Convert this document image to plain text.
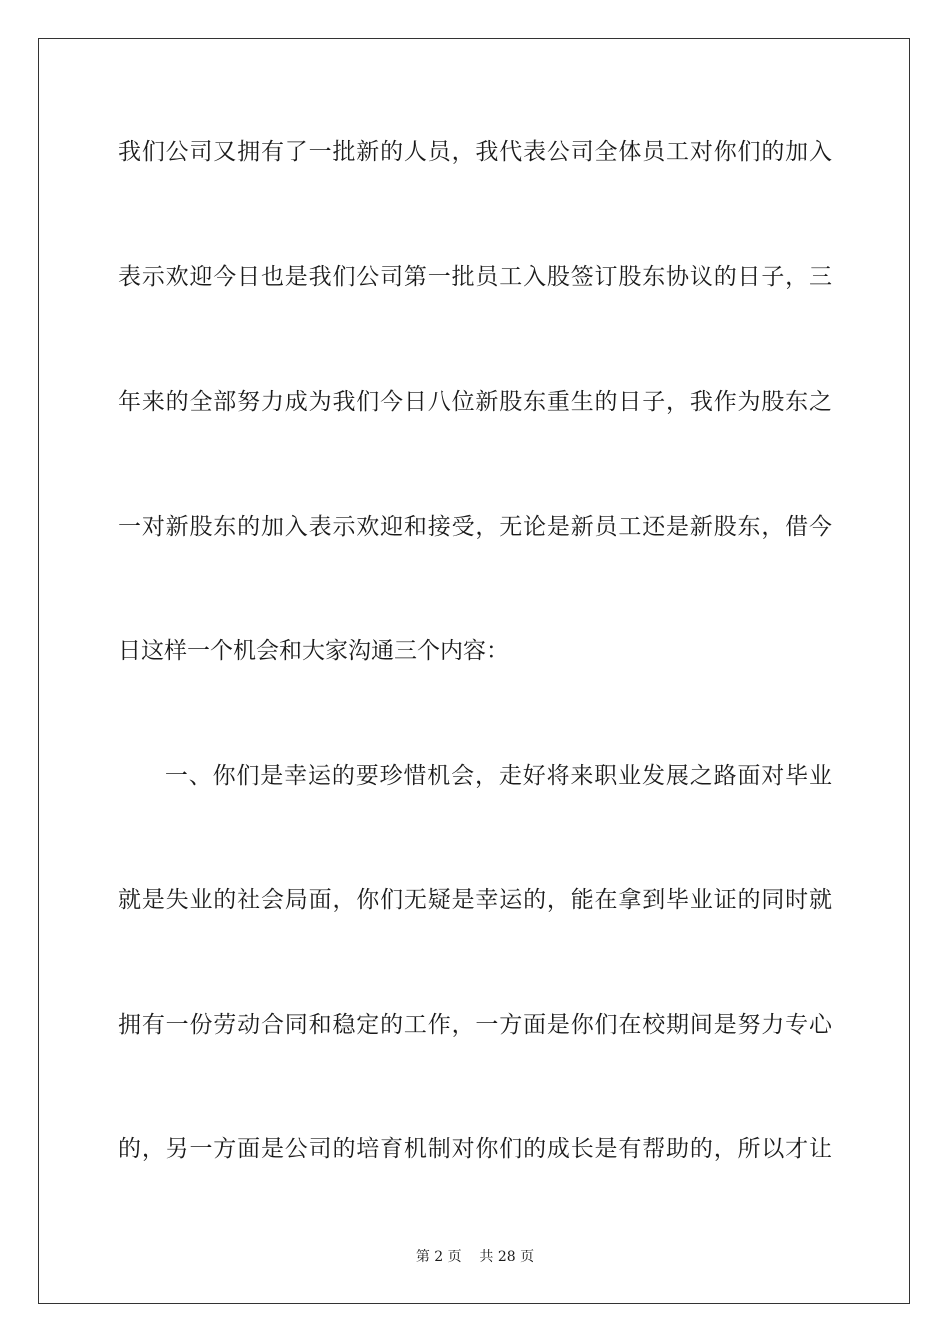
我们公司又拥有了一批新的人员，我代表公司全体员工对你们的加入
表示欢迎今日也是我们公司第一批员工入股签订股东协议的日子，三
年来的全部努力成为我们今日八位新股东重生的日子，我作为股东之
一对新股东的加入表示欢迎和接受，无论是新员工还是新股东，借今
日这样一个机会和大家沟通三个内容：
一、你们是幸运的要珍惜机会，走好将来职业发展之路面对毕业
就是失业的社会局面，你们无疑是幸运的，能在拿到毕业证的同时就
拥有一份劳动合同和稳定的工作，一方面是你们在校期间是努力专心
的，另一方面是公司的培育机制对你们的成长是有帮助的，所以才让
第 2 页    共 28 页
